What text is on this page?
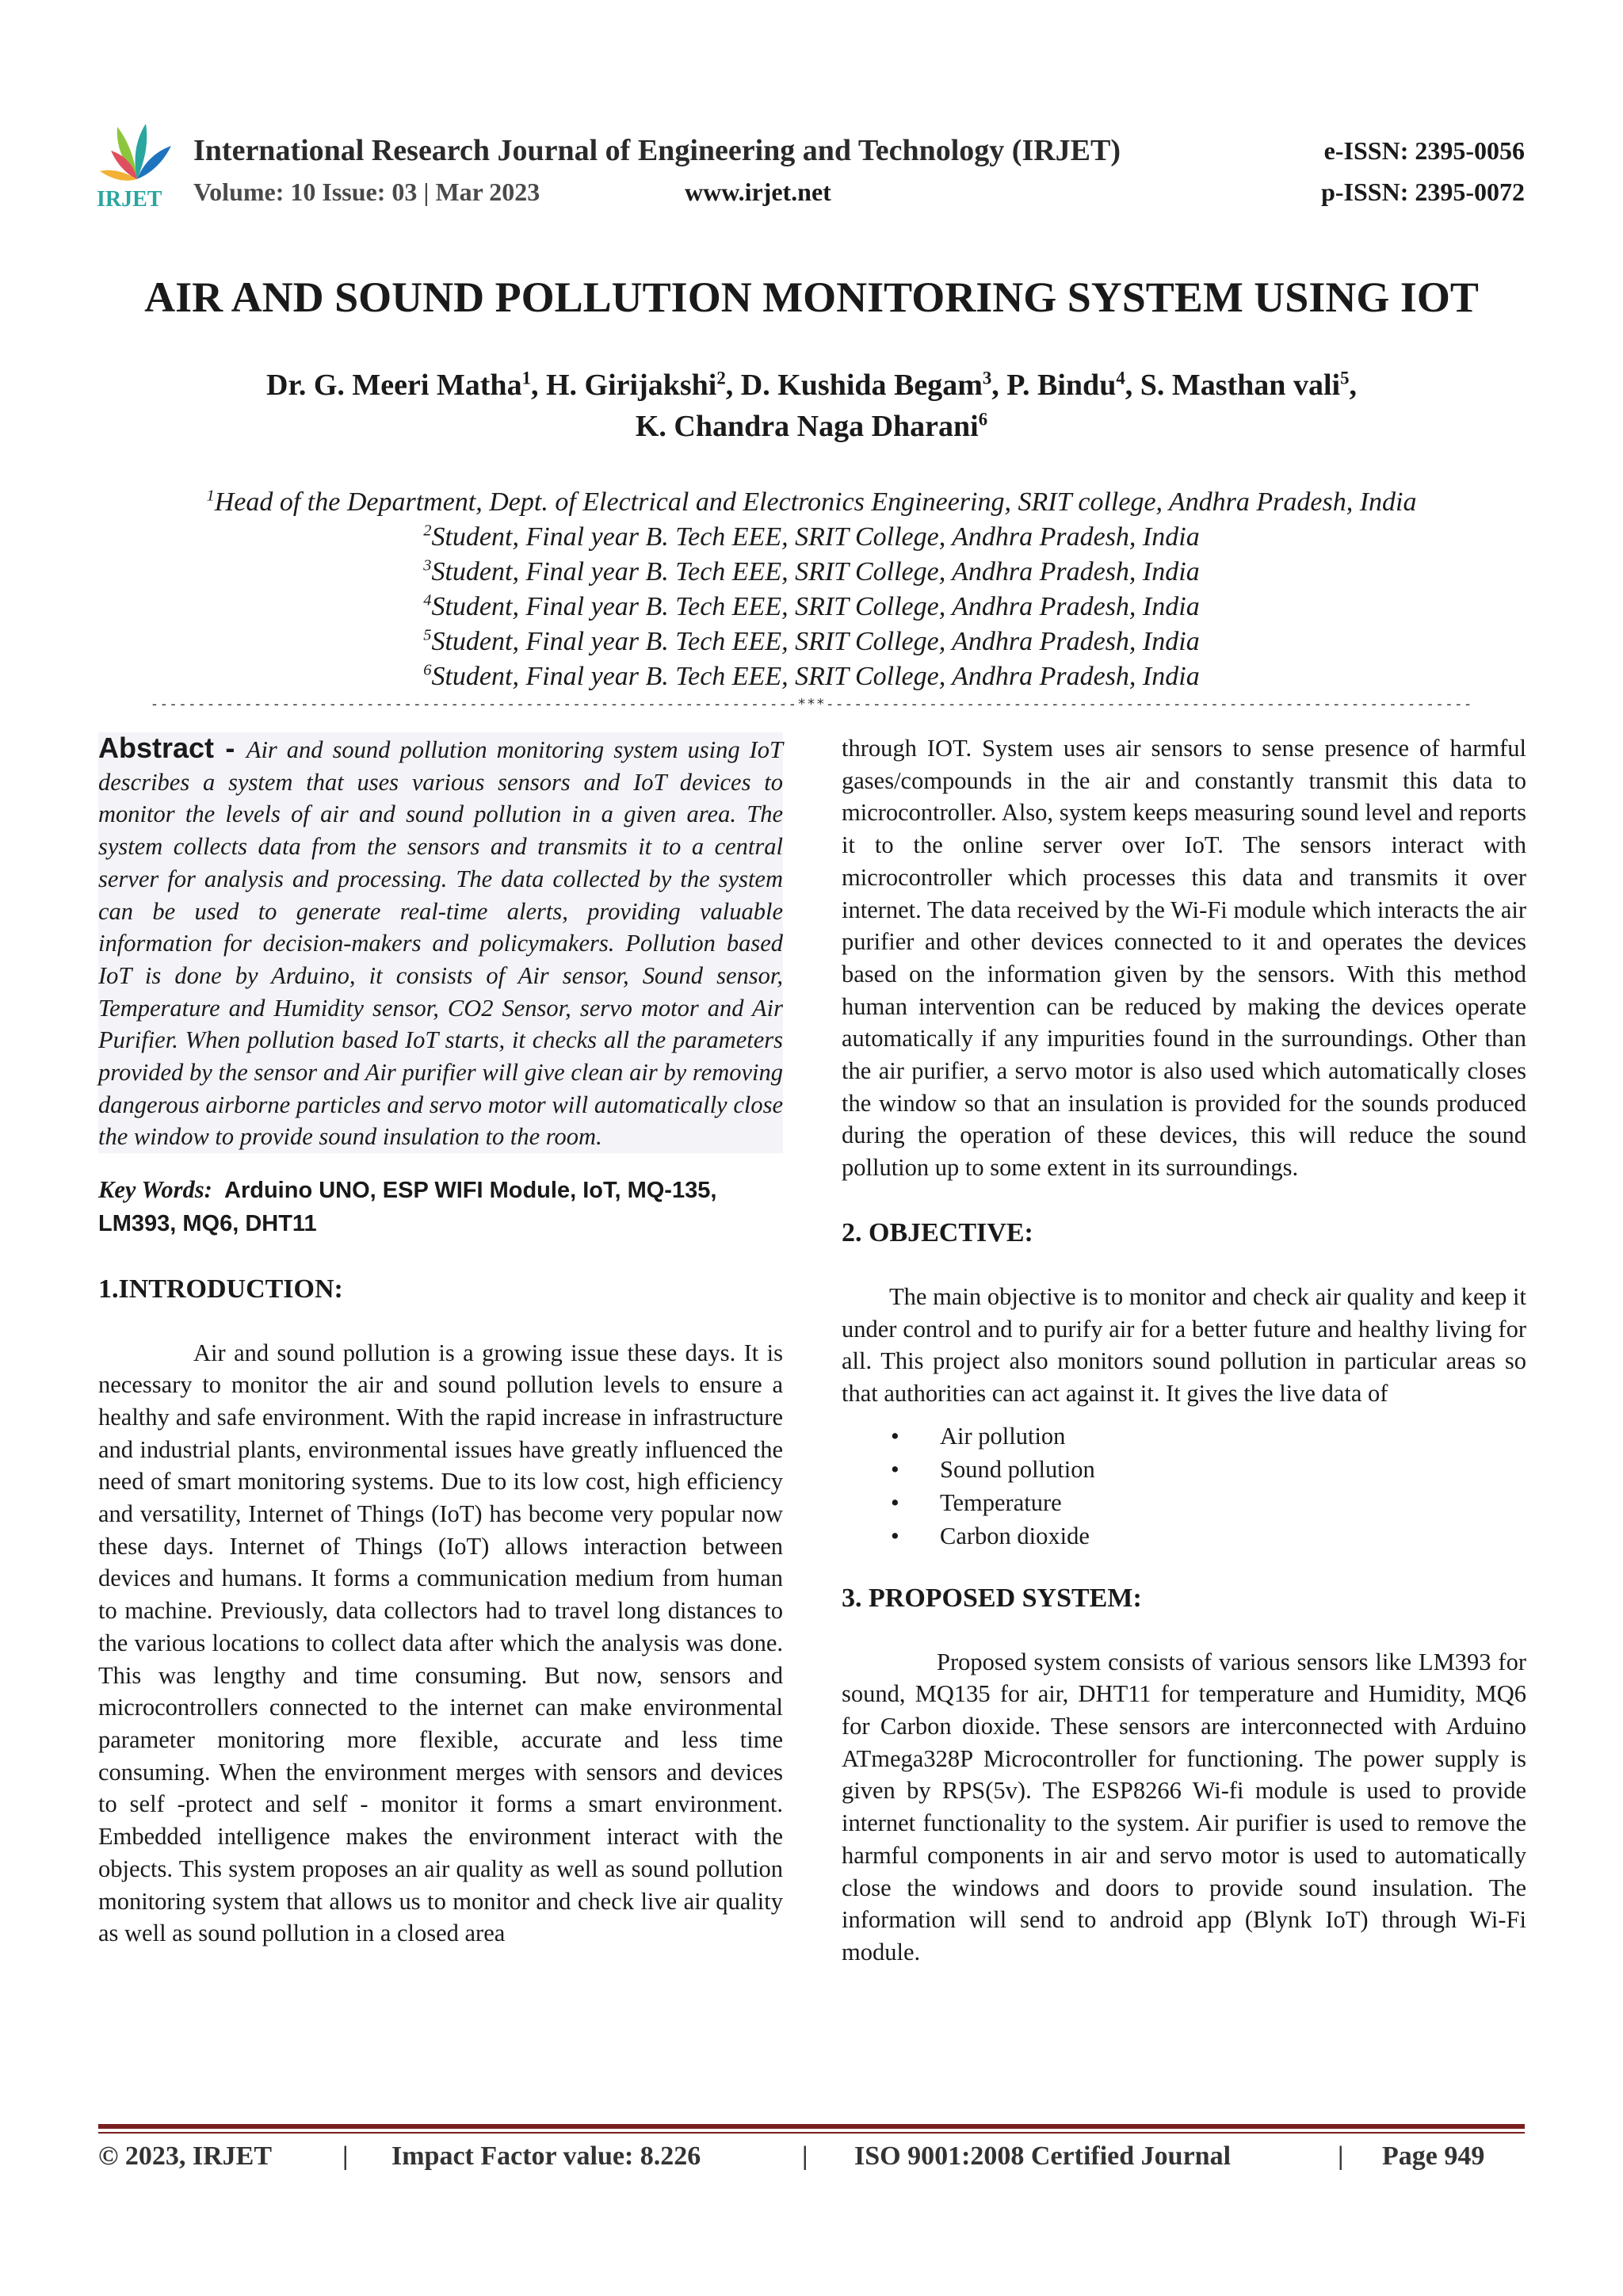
IRJET
International Research Journal of Engineering and Technology (IRJET)
Volume: 10 Issue: 03 | Mar 2023	www.irjet.net
e-ISSN: 2395-0056
p-ISSN: 2395-0072
AIR AND SOUND POLLUTION MONITORING SYSTEM USING IOT
Dr. G. Meeri Matha$^1$, H. Girijakshi$^2$, D. Kushida Begam$^3$, P. Bindu$^4$, S. Masthan vali$^5$,
K. Chandra Naga Dharani$^6$
$^1$Head of the Department, Dept. of Electrical and Electronics Engineering, SRIT college, Andhra Pradesh, India
$^2$Student, Final year B. Tech EEE, SRIT College, Andhra Pradesh, India
$^3$Student, Final year B. Tech EEE, SRIT College, Andhra Pradesh, India
$^4$Student, Final year B. Tech EEE, SRIT College, Andhra Pradesh, India
$^5$Student, Final year B. Tech EEE, SRIT College, Andhra Pradesh, India
$^6$Student, Final year B. Tech EEE, SRIT College, Andhra Pradesh, India
---------------------------------------------------------------------***---------------------------------------------------------------------

Abstract - Air and sound pollution monitoring system using IoT describes a system that uses various sensors and IoT devices to monitor the levels of air and sound pollution in a given area. The system collects data from the sensors and transmits it to a central server for analysis and processing. The data collected by the system can be used to generate real-time alerts, providing valuable information for decision-makers and policymakers. Pollution based IoT is done by Arduino, it consists of Air sensor, Sound sensor, Temperature and Humidity sensor, CO2 Sensor, servo motor and Air Purifier. When pollution based IoT starts, it checks all the parameters provided by the sensor and Air purifier will give clean air by removing dangerous airborne particles and servo motor will automatically close the window to provide sound insulation to the room.

Key Words: Arduino UNO, ESP WIFI Module, IoT, MQ-135, LM393, MQ6, DHT11

1.INTRODUCTION:

Air and sound pollution is a growing issue these days. It is necessary to monitor the air and sound pollution levels to ensure a healthy and safe environment. With the rapid increase in infrastructure and industrial plants, environmental issues have greatly influenced the need of smart monitoring systems. Due to its low cost, high efficiency and versatility, Internet of Things (IoT) has become very popular now these days. Internet of Things (IoT) allows interaction between devices and humans. It forms a communication medium from human to machine. Previously, data collectors had to travel long distances to the various locations to collect data after which the analysis was done. This was lengthy and time consuming. But now, sensors and microcontrollers connected to the internet can make environmental parameter monitoring more flexible, accurate and less time consuming. When the environment merges with sensors and devices to self -protect and self - monitor it forms a smart environment. Embedded intelligence makes the environment interact with the objects. This system proposes an air quality as well as sound pollution monitoring system that allows us to monitor and check live air quality as well as sound pollution in a closed area

through IOT. System uses air sensors to sense presence of harmful gases/compounds in the air and constantly transmit this data to microcontroller. Also, system keeps measuring sound level and reports it to the online server over IoT. The sensors interact with microcontroller which processes this data and transmits it over internet. The data received by the Wi-Fi module which interacts the air purifier and other devices connected to it and operates the devices based on the information given by the sensors. With this method human intervention can be reduced by making the devices operate automatically if any impurities found in the surroundings. Other than the air purifier, a servo motor is also used which automatically closes the window so that an insulation is provided for the sounds produced during the operation of these devices, this will reduce the sound pollution up to some extent in its surroundings.

2. OBJECTIVE:

The main objective is to monitor and check air quality and keep it under control and to purify air for a better future and healthy living for all. This project also monitors sound pollution in particular areas so that authorities can act against it. It gives the live data of

• Air pollution
• Sound pollution
• Temperature
• Carbon dioxide
3. PROPOSED SYSTEM:

Proposed system consists of various sensors like LM393 for sound, MQ135 for air, DHT11 for temperature and Humidity, MQ6 for Carbon dioxide. These sensors are interconnected with Arduino ATmega328P Microcontroller for functioning. The power supply is given by RPS(5v). The ESP8266 Wi-fi module is used to provide internet functionality to the system. Air purifier is used to remove the harmful components in air and servo motor is used to automatically close the windows and doors to provide sound insulation. The information will send to android app (Blynk IoT) through Wi-Fi module.

© 2023, IRJET	| Impact Factor value: 8.226	| ISO 9001:2008 Certified Journal	| Page 949
